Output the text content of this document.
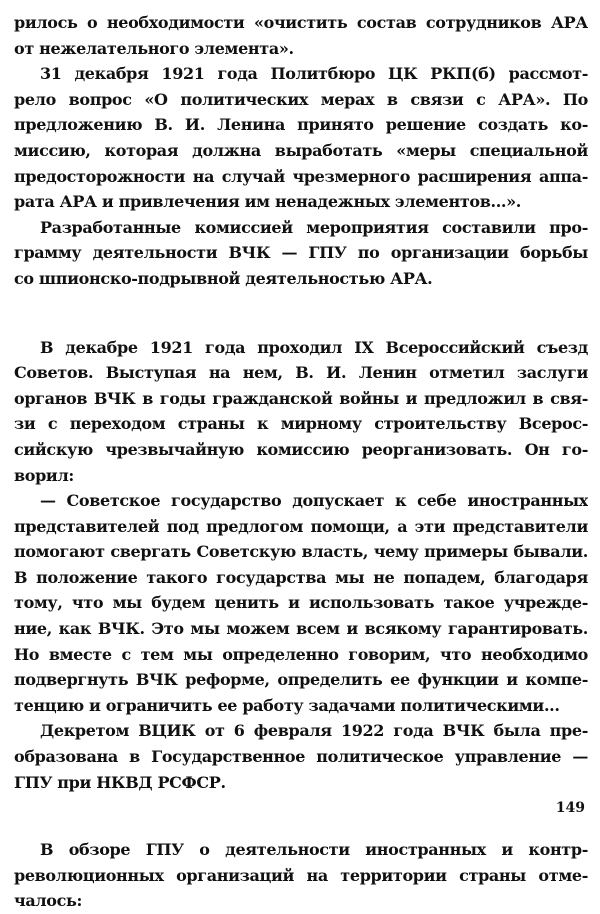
рилось о необходимости «очистить состав сотрудников АРА
от нежелательного элемента».
31 декабря 1921 года Политбюро ЦК РКП(б) рассмот-
рело вопрос «О политических мерах в связи с АРА». По
предложению В. И. Ленина принято решение создать ко-
миссию, которая должна выработать «меры специальной
предосторожности на случай чрезмерного расширения аппа-
рата АРА и привлечения им ненадежных элементов...».
Разработанные комиссией мероприятия составили про-
грамму деятельности ВЧК — ГПУ по организации борьбы
со шпионско-подрывной деятельностью АРА.
В декабре 1921 года проходил IX Всероссийский съезд
Советов. Выступая на нем, В. И. Ленин отметил заслуги
органов ВЧК в годы гражданской войны и предложил в свя-
зи с переходом страны к мирному строительству Всерос-
сийскую чрезвычайную комиссию реорганизовать. Он го-
ворил:
— Советское государство допускает к себе иностранных
представителей под предлогом помощи, а эти представители
помогают свергать Советскую власть, чему примеры бывали.
В положение такого государства мы не попадем, благодаря
тому, что мы будем ценить и использовать такое учрежде-
ние, как ВЧК. Это мы можем всем и всякому гарантировать.
Но вместе с тем мы определенно говорим, что необходимо
подвергнуть ВЧК реформе, определить ее функции и компе-
тенцию и ограничить ее работу задачами политическими...
Декретом ВЦИК от 6 февраля 1922 года ВЧК была пре-
образована в Государственное политическое управление —
ГПУ при НКВД РСФСР.
В обзоре ГПУ о деятельности иностранных и контр-
революционных организаций на территории страны отме-
чалось:
149
